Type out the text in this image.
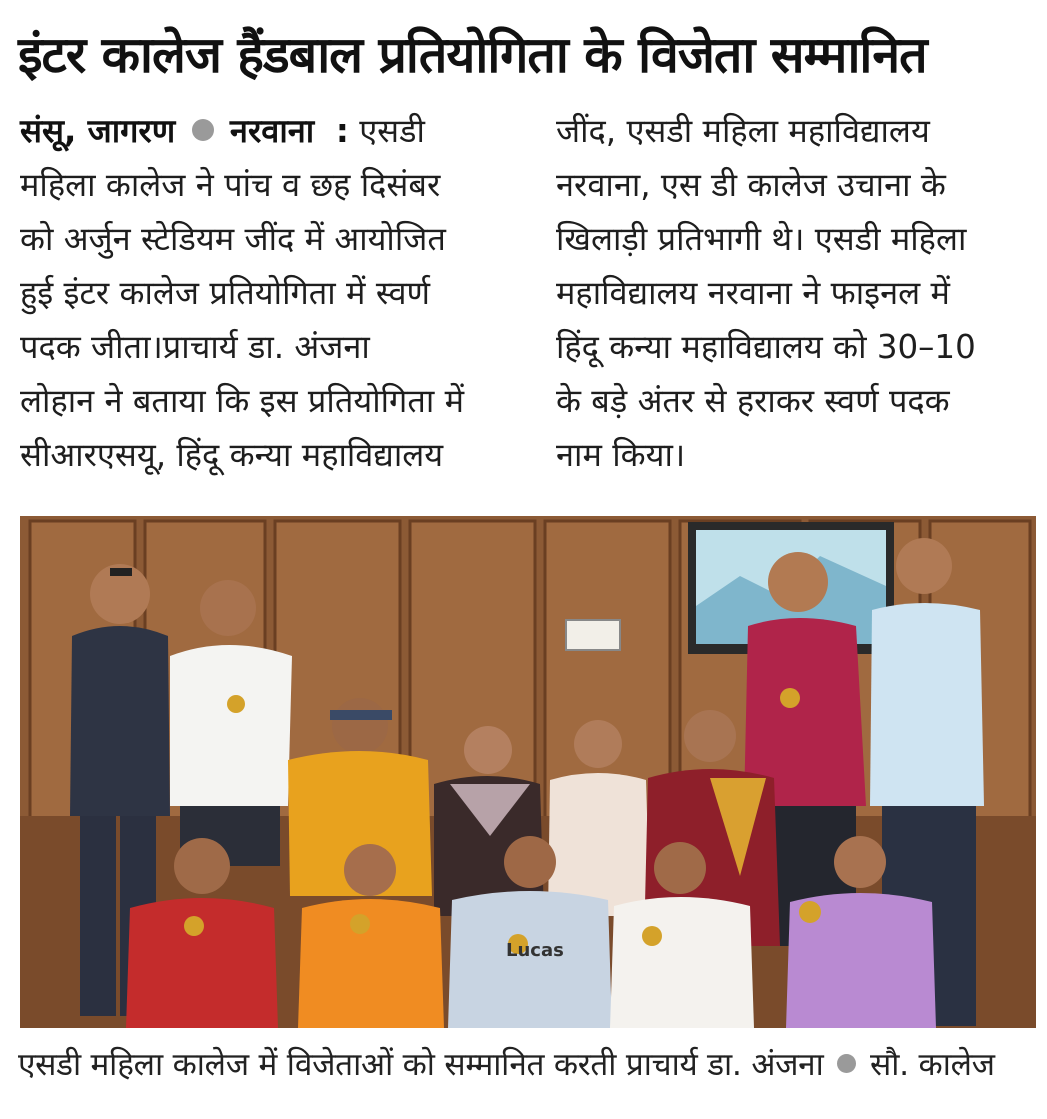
इंटर कालेज हैंडबाल प्रतियोगिता के विजेता सम्मानित

संसू, जागरण नरवाना  : एसडी

महिला कालेज ने पांच व छह दिसंबर

को अर्जुन स्टेडियम जींद में आयोजित

हुई इंटर कालेज प्रतियोगिता में स्वर्ण

पदक जीता।प्राचार्य डा. अंजना

लोहान ने बताया कि इस प्रतियोगिता में

सीआरएसयू, हिंदू कन्या महाविद्यालय

जींद, एसडी महिला महाविद्यालय

नरवाना, एस डी कालेज उचाना के

खिलाड़ी प्रतिभागी थे। एसडी महिला

महाविद्यालय नरवाना ने फाइनल में

हिंदू कन्या महाविद्यालय को 30–10

के बड़े अंतर से हराकर स्वर्ण पदक

नाम किया।

Lucas
एसडी महिला कालेज में विजेताओं को सम्मानित करती प्राचार्य डा. अंजना सौ. कालेज
